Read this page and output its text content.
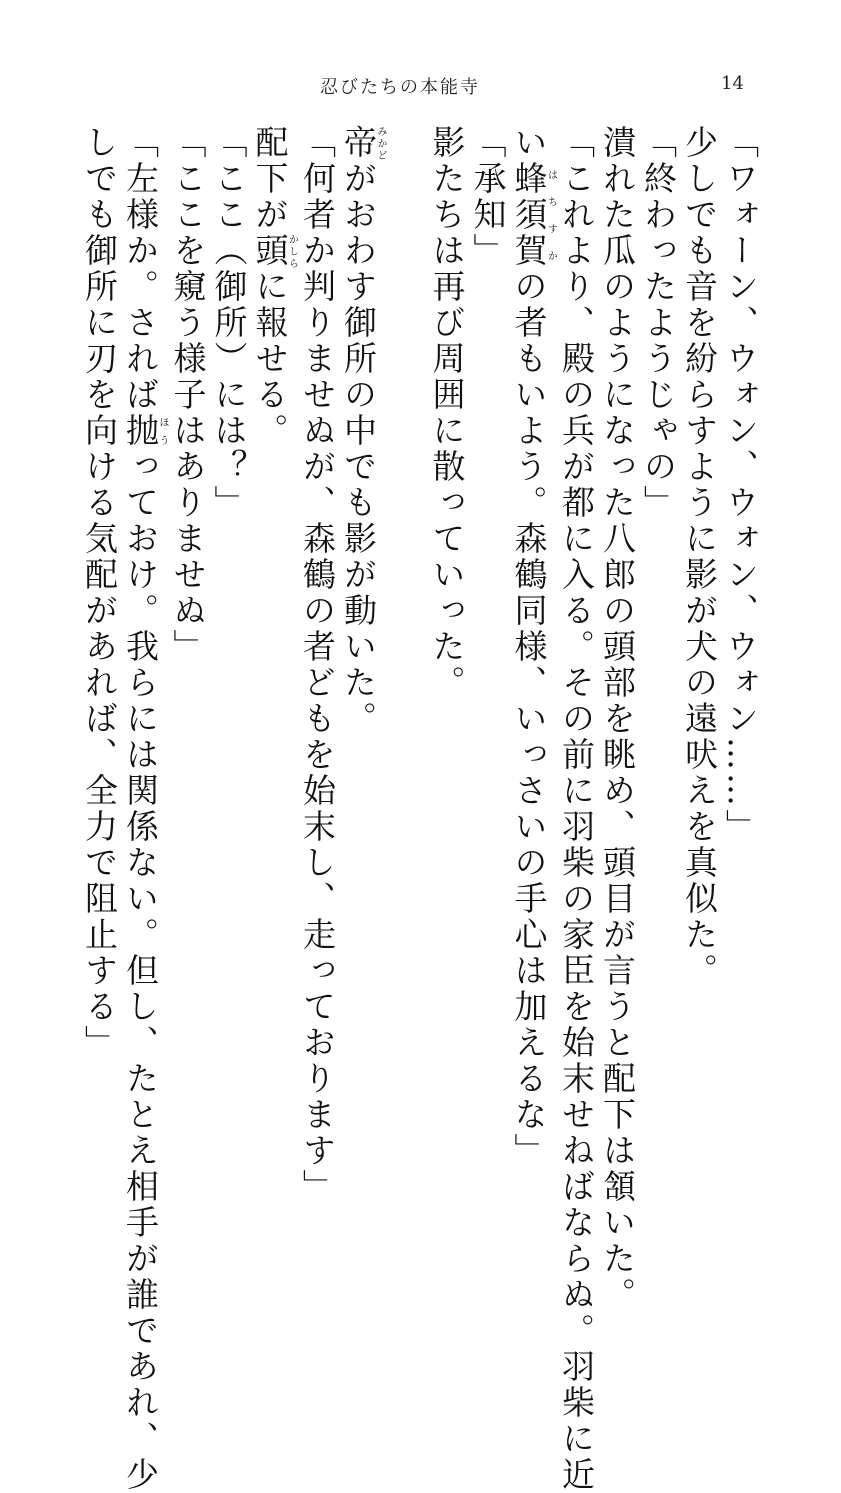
忍びたちの本能寺	14
「ワォーン、ウォン、ウォン、ウォン……」
少しでも音を紛らすように影が犬の遠吠えを真似た。
「終わったようじゃの」
潰れた瓜のようになった八郎の頭部を眺め、頭目が言うと配下は頷いた。
「これより、殿の兵が都に入る。その前に羽柴の家臣を始末せねばならぬ。羽柴に近
い蜂須賀はちすかの者もいよう。森鶴同様、いっさいの手心は加えるな」
「承知」
影たちは再び周囲に散っていった。

帝みかどがおわす御所の中でも影が動いた。
「何者か判りませぬが、森鶴の者どもを始末し、走っております」
配下が頭かしらに報せる。
「ここ（御所）には？」
「ここを窺う様子はありませぬ」
「左様か。されば抛ほうっておけ。我らには関係ない。但し、たとえ相手が誰であれ、少
しでも御所に刃を向ける気配があれば、全力で阻止する」
